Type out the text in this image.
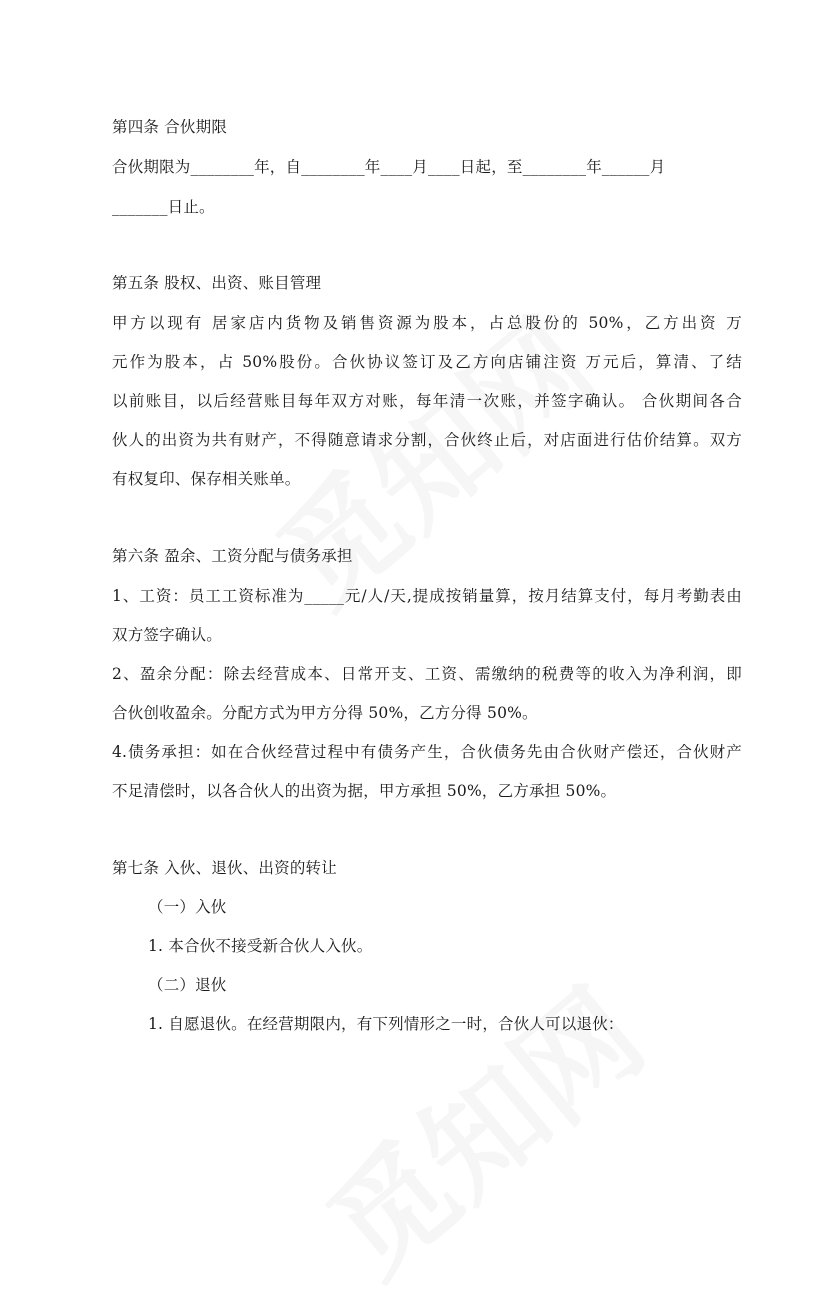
第四条 合伙期限
合伙期限为________年，自________年____月____日起，至________年______月
_______日止。
第五条 股权、出资、账目管理
甲方以现有 居家店内货物及销售资源为股本，占总股份的 50%，乙方出资 万
元作为股本，占 50%股份。合伙协议签订及乙方向店铺注资 万元后，算清、了结
以前账目，以后经营账目每年双方对账，每年清一次账，并签字确认。 合伙期间各合
伙人的出资为共有财产，不得随意请求分割，合伙终止后，对店面进行估价结算。双方
有权复印、保存相关账单。
第六条 盈余、工资分配与债务承担
1、工资：员工工资标准为_____元/人/天,提成按销量算，按月结算支付，每月考勤表由
双方签字确认。
2、盈余分配：除去经营成本、日常开支、工资、需缴纳的税费等的收入为净利润，即
合伙创收盈余。分配方式为甲方分得 50%，乙方分得 50%。
4.债务承担：如在合伙经营过程中有债务产生，合伙债务先由合伙财产偿还，合伙财产
不足清偿时，以各合伙人的出资为据，甲方承担 50%，乙方承担 50%。
第七条 入伙、退伙、出资的转让
（一）入伙
1. 本合伙不接受新合伙人入伙。
（二）退伙
1. 自愿退伙。在经营期限内，有下列情形之一时，合伙人可以退伙：
